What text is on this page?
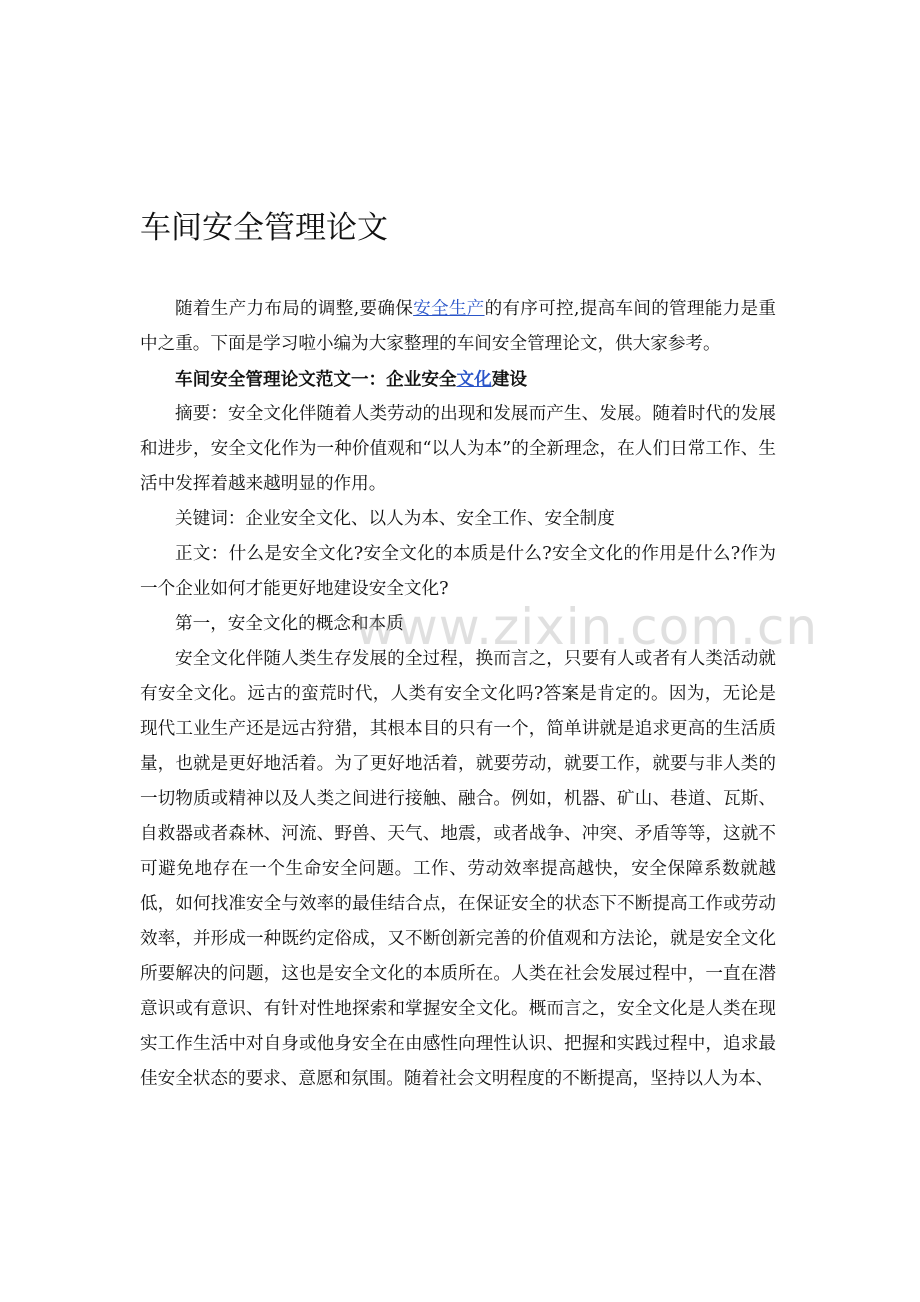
车间安全管理论文

随着生产力布局的调整,要确保安全生产的有序可控,提高车间的管理能力是重中之重。下面是学习啦小编为大家整理的车间安全管理论文，供大家参考。

车间安全管理论文范文一：企业安全文化建设

摘要：安全文化伴随着人类劳动的出现和发展而产生、发展。随着时代的发展和进步，安全文化作为一种价值观和“以人为本”的全新理念，在人们日常工作、生活中发挥着越来越明显的作用。

关键词：企业安全文化、以人为本、安全工作、安全制度

正文：什么是安全文化?安全文化的本质是什么?安全文化的作用是什么?作为一个企业如何才能更好地建设安全文化?

第一，安全文化的概念和本质

安全文化伴随人类生存发展的全过程，换而言之，只要有人或者有人类活动就有安全文化。远古的蛮荒时代，人类有安全文化吗?答案是肯定的。因为，无论是现代工业生产还是远古狩猎，其根本目的只有一个，简单讲就是追求更高的生活质量，也就是更好地活着。为了更好地活着，就要劳动，就要工作，就要与非人类的一切物质或精神以及人类之间进行接触、融合。例如，机器、矿山、巷道、瓦斯、自救器或者森林、河流、野兽、天气、地震，或者战争、冲突、矛盾等等，这就不可避免地存在一个生命安全问题。工作、劳动效率提高越快，安全保障系数就越低，如何找准安全与效率的最佳结合点，在保证安全的状态下不断提高工作或劳动效率，并形成一种既约定俗成，又不断创新完善的价值观和方法论，就是安全文化所要解决的问题，这也是安全文化的本质所在。人类在社会发展过程中，一直在潜意识或有意识、有针对性地探索和掌握安全文化。概而言之，安全文化是人类在现实工作生活中对自身或他身安全在由感性向理性认识、把握和实践过程中，追求最佳安全状态的要求、意愿和氛围。随着社会文明程度的不断提高，坚持以人为本、

www.zixin.com.cn
